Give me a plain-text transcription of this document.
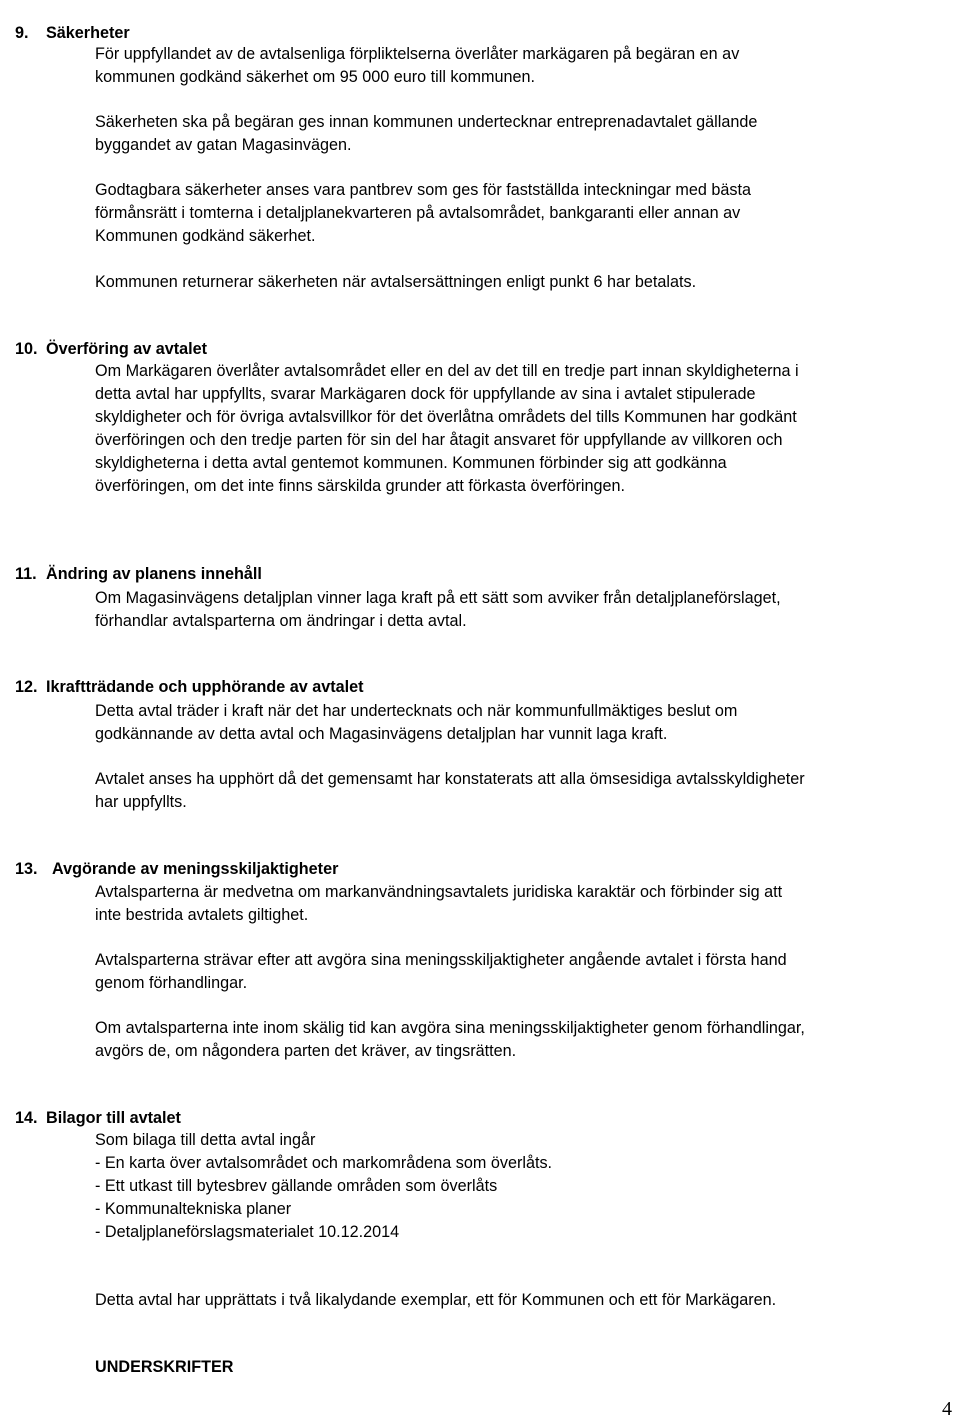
9. Säkerheter

För uppfyllandet av de avtalsenliga förpliktelserna överlåter markägaren på begäran en av
kommunen godkänd säkerhet om 95 000 euro till kommunen.
Säkerheten ska på begäran ges innan kommunen undertecknar entreprenadavtalet gällande
byggandet av gatan Magasinvägen.
Godtagbara säkerheter anses vara pantbrev som ges för fastställda inteckningar med bästa
förmånsrätt i tomterna i detaljplanekvarteren på avtalsområdet, bankgaranti eller annan av
Kommunen godkänd säkerhet.
Kommunen returnerar säkerheten när avtalsersättningen enligt punkt 6 har betalats.

10. Överföring av avtalet

Om Markägaren överlåter avtalsområdet eller en del av det till en tredje part innan skyldigheterna i
detta avtal har uppfyllts, svarar Markägaren dock för uppfyllande av sina i avtalet stipulerade
skyldigheter och för övriga avtalsvillkor för det överlåtna områdets del tills Kommunen har godkänt
överföringen och den tredje parten för sin del har åtagit ansvaret för uppfyllande av villkoren och
skyldigheterna i detta avtal gentemot kommunen. Kommunen förbinder sig att godkänna
överföringen, om det inte finns särskilda grunder att förkasta överföringen.

11. Ändring av planens innehåll

Om Magasinvägens detaljplan vinner laga kraft på ett sätt som avviker från detaljplaneförslaget,
förhandlar avtalsparterna om ändringar i detta avtal.

12. Ikraftträdande och upphörande av avtalet

Detta avtal träder i kraft när det har undertecknats och när kommunfullmäktiges beslut om
godkännande av detta avtal och Magasinvägens detaljplan har vunnit laga kraft.
Avtalet anses ha upphört då det gemensamt har konstaterats att alla ömsesidiga avtalsskyldigheter
har uppfyllts.

13. Avgörande av meningsskiljaktigheter

Avtalsparterna är medvetna om markanvändningsavtalets juridiska karaktär och förbinder sig att
inte bestrida avtalets giltighet.
Avtalsparterna strävar efter att avgöra sina meningsskiljaktigheter angående avtalet i första hand
genom förhandlingar.
Om avtalsparterna inte inom skälig tid kan avgöra sina meningsskiljaktigheter genom förhandlingar,
avgörs de, om någondera parten det kräver, av tingsrätten.

14. Bilagor till avtalet

Som bilaga till detta avtal ingår
- En karta över avtalsområdet och markområdena som överlåts.
- Ett utkast till bytesbrev gällande områden som överlåts
- Kommunaltekniska planer
- Detaljplaneförslagsmaterialet 10.12.2014
Detta avtal har upprättats i två likalydande exemplar, ett för Kommunen och ett för Markägaren.
UNDERSKRIFTER
4
